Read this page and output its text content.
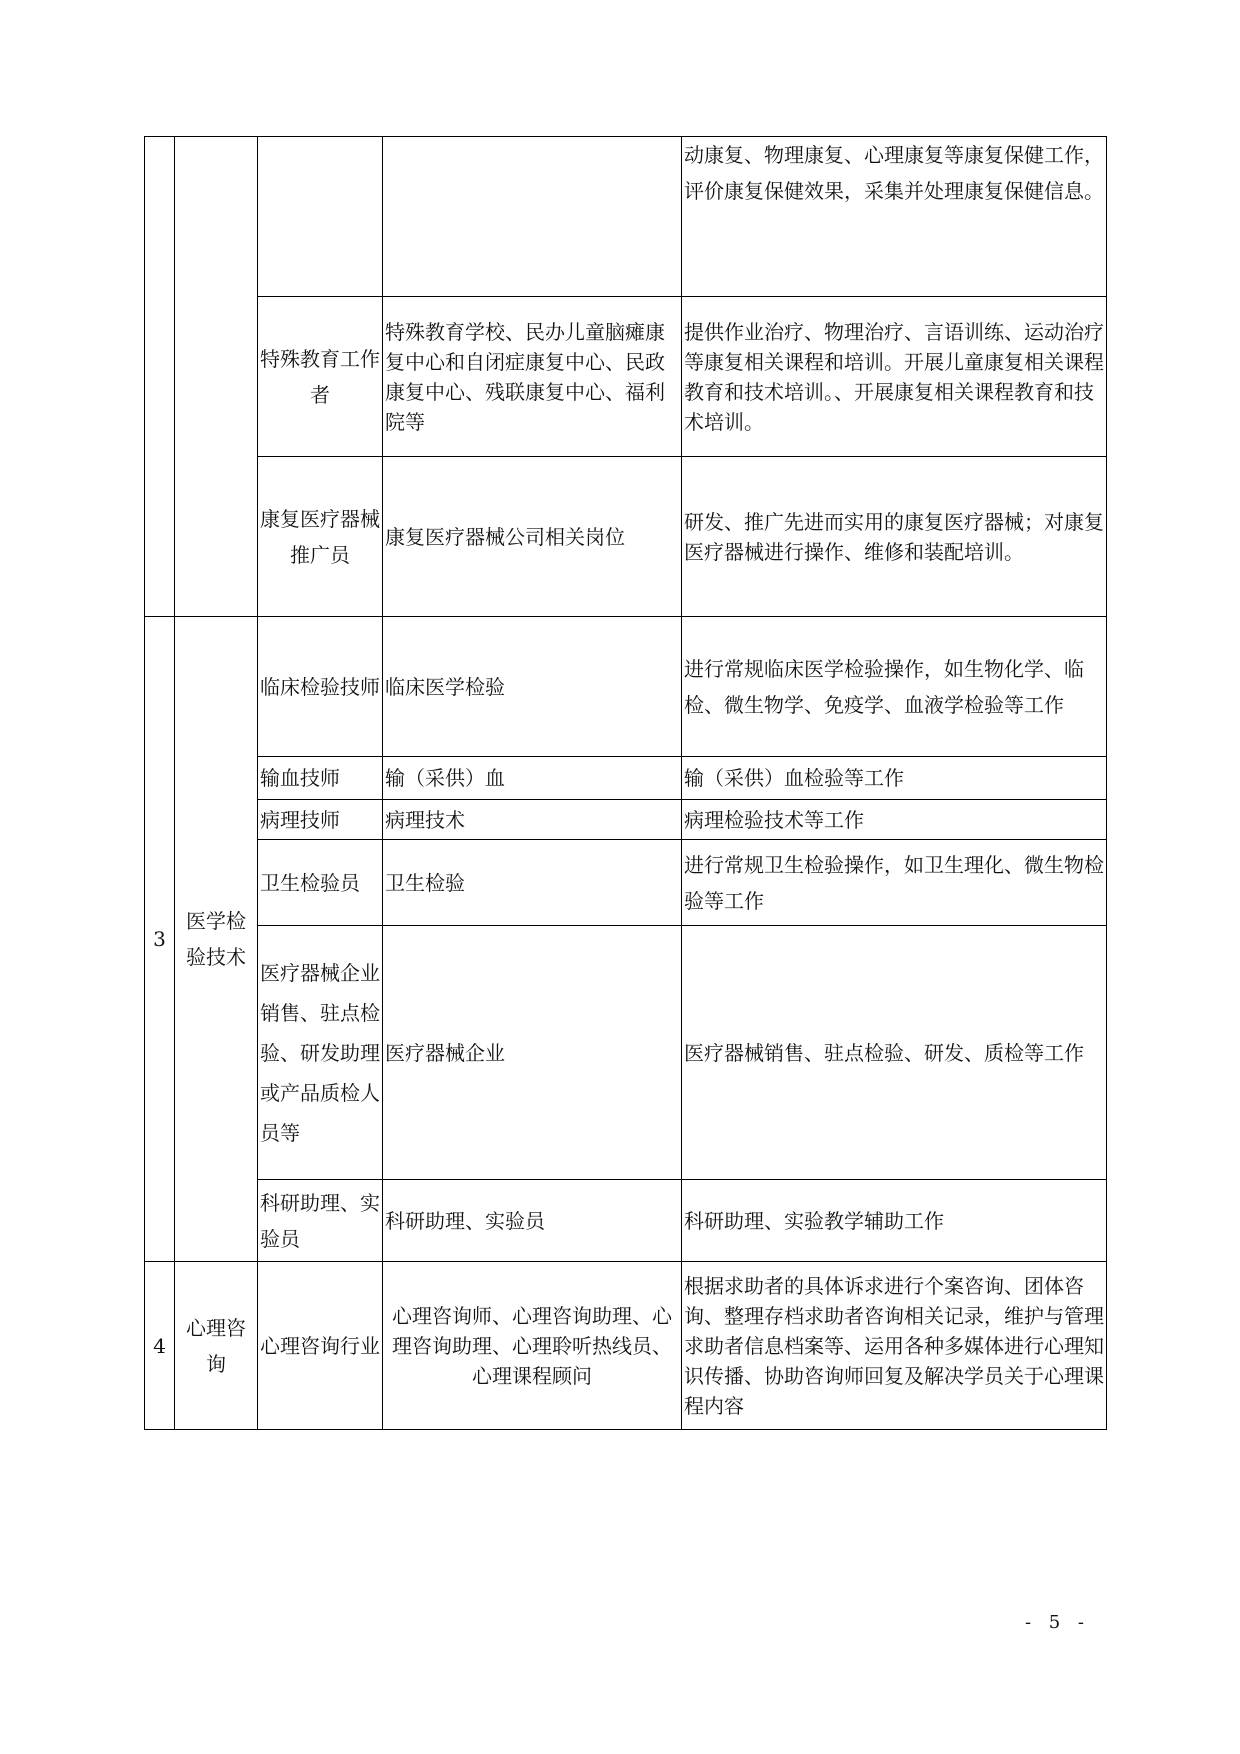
				动康复、物理康复、心理康复等康复保健工作，评价康复保健效果，采集并处理康复保健信息。
		特殊教育工作者	特殊教育学校、民办儿童脑瘫康复中心和自闭症康复中心、民政康复中心、残联康复中心、福利院等	提供作业治疗、物理治疗、言语训练、运动治疗等康复相关课程和培训。开展儿童康复相关课程教育和技术培训。、开展康复相关课程教育和技术培训。
		康复医疗器械推广员	康复医疗器械公司相关岗位	研发、推广先进而实用的康复医疗器械；对康复医疗器械进行操作、维修和装配培训。
3	医学检验技术	临床检验技师	临床医学检验	进行常规临床医学检验操作，如生物化学、临检、微生物学、免疫学、血液学检验等工作
		输血技师	输（采供）血	输（采供）血检验等工作
		病理技师	病理技术	病理检验技术等工作
		卫生检验员	卫生检验	进行常规卫生检验操作，如卫生理化、微生物检验等工作
		医疗器械企业销售、驻点检验、研发助理或产品质检人员等	医疗器械企业	医疗器械销售、驻点检验、研发、质检等工作
		科研助理、实验员	科研助理、实验员	科研助理、实验教学辅助工作
4	心理咨询	心理咨询行业	心理咨询师、心理咨询助理、心理咨询助理、心理聆听热线员、心理课程顾问	根据求助者的具体诉求进行个案咨询、团体咨询、整理存档求助者咨询相关记录，维护与管理求助者信息档案等、运用各种多媒体进行心理知识传播、协助咨询师回复及解决学员关于心理课程内容
- 5 -
